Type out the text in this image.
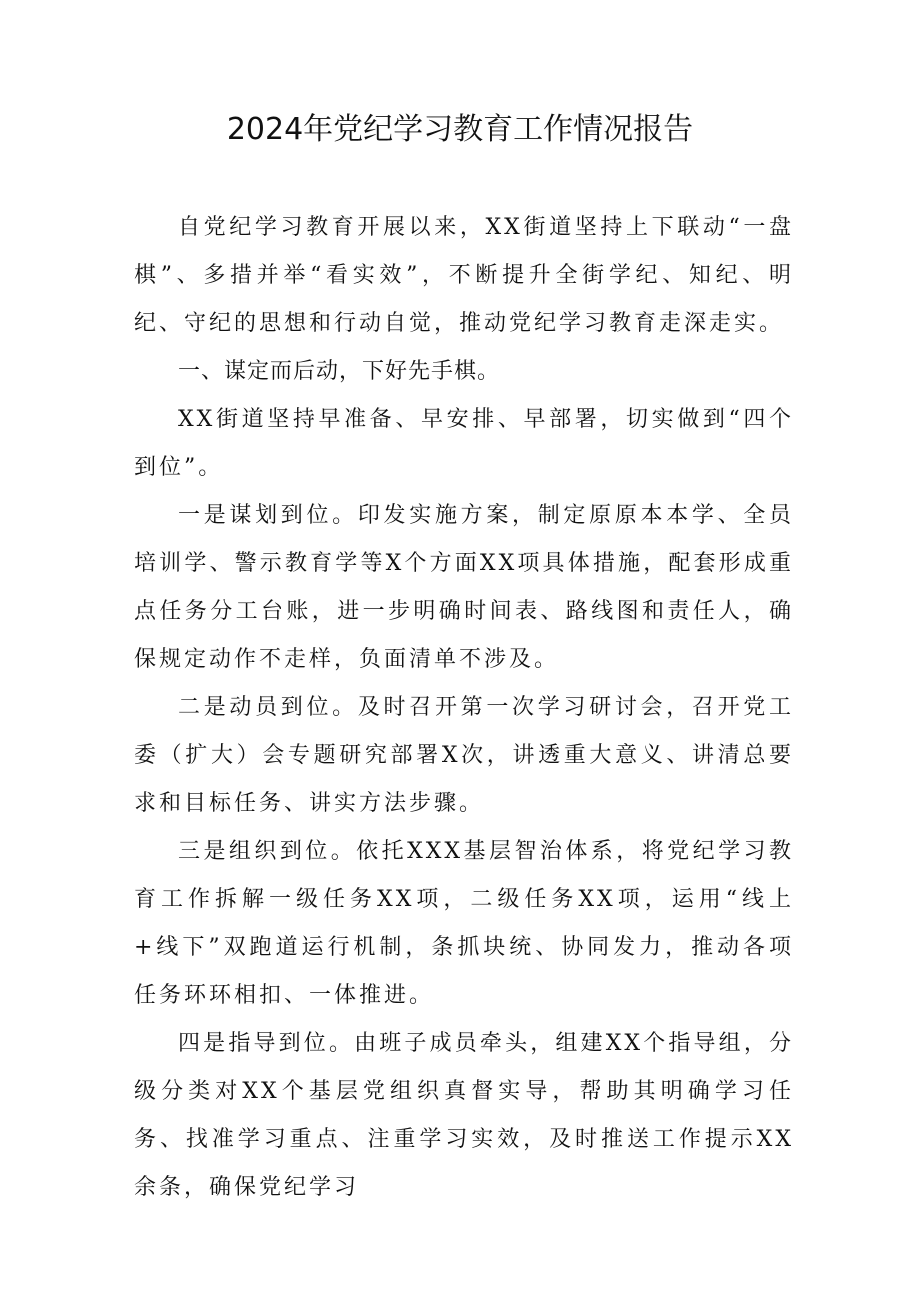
2024年党纪学习教育工作情况报告

自党纪学习教育开展以来，XX街道坚持上下联动“一盘棋”、多措并举“看实效”，不断提升全街学纪、知纪、明纪、守纪的思想和行动自觉，推动党纪学习教育走深走实。

一、谋定而后动，下好先手棋。

XX街道坚持早准备、早安排、早部署，切实做到“四个到位”。

一是谋划到位。印发实施方案，制定原原本本学、全员培训学、警示教育学等X个方面XX项具体措施，配套形成重点任务分工台账，进一步明确时间表、路线图和责任人，确保规定动作不走样，负面清单不涉及。

二是动员到位。及时召开第一次学习研讨会，召开党工委（扩大）会专题研究部署X次，讲透重大意义、讲清总要求和目标任务、讲实方法步骤。

三是组织到位。依托XXX基层智治体系，将党纪学习教育工作拆解一级任务XX项，二级任务XX项，运用“线上+线下”双跑道运行机制，条抓块统、协同发力，推动各项任务环环相扣、一体推进。

四是指导到位。由班子成员牵头，组建XX个指导组，分级分类对XX个基层党组织真督实导，帮助其明确学习任务、找准学习重点、注重学习实效，及时推送工作提示XX余条，确保党纪学习
